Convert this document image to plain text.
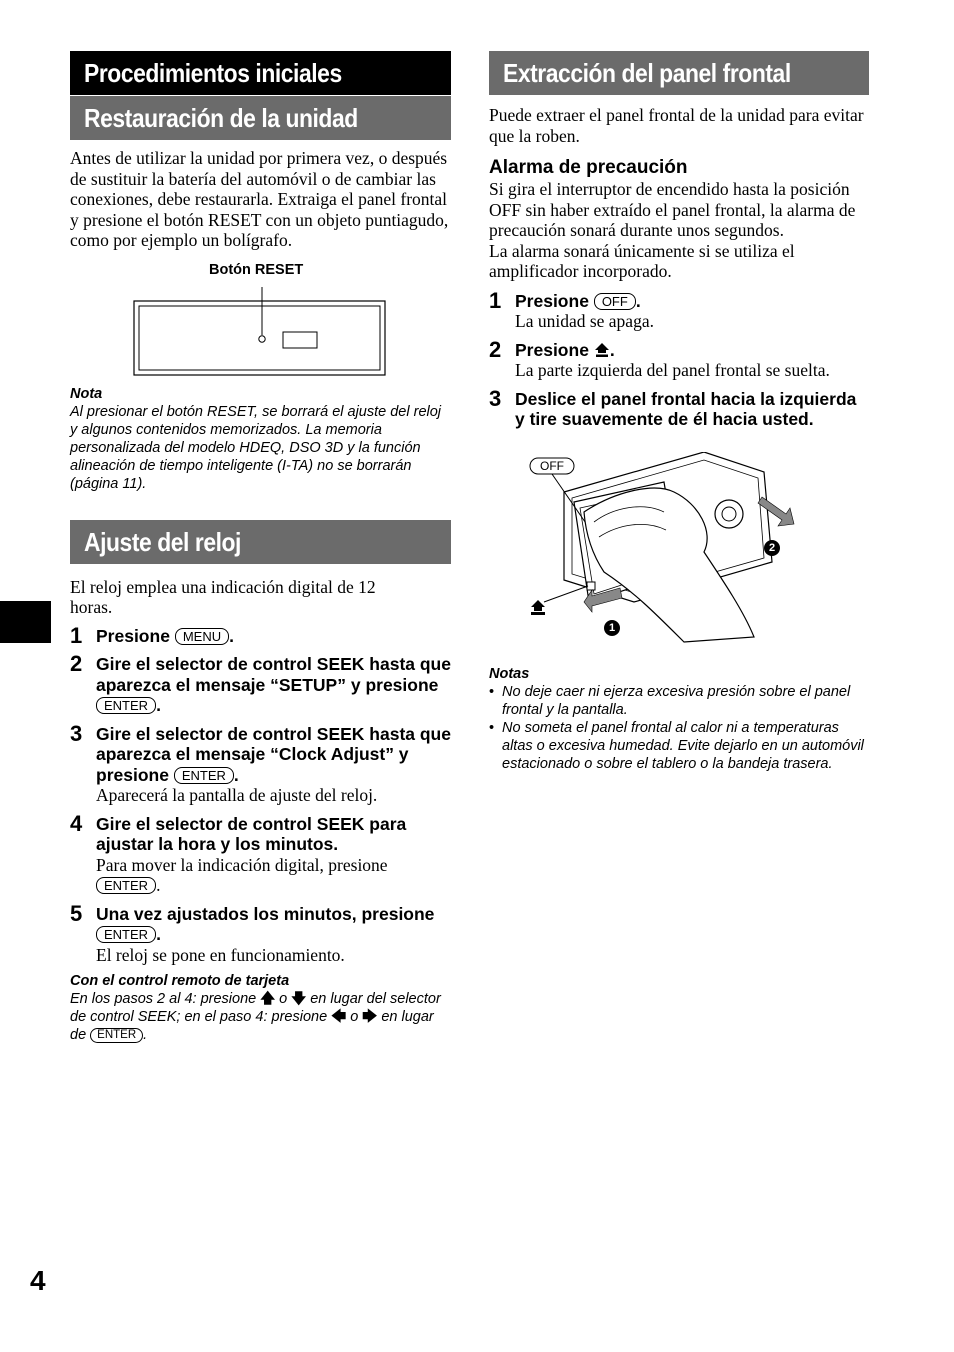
Procedimientos iniciales
Restauración de la unidad

Antes de utilizar la unidad por primera vez, o después de sustituir la batería del automóvil o de cambiar las conexiones, debe restaurarla. Extraiga el panel frontal y presione el botón RESET con un objeto puntiagudo, como por ejemplo un bolígrafo.

Botón RESET
Nota
Al presionar el botón RESET, se borrará el ajuste del reloj y algunos contenidos memorizados. La memoria personalizada del modelo HDEQ, DSO 3D y la función alineación de tiempo inteligente (I-TA) no se borrarán (página 11).
Ajuste del reloj

El reloj emplea una indicación digital de 12 horas.

1 Presione MENU .
2 Gire el selector de control SEEK hasta que aparezca el mensaje “SETUP” y presione ENTER .
3 Gire el selector de control SEEK hasta que aparezca el mensaje “Clock Adjust” y presione ENTER .
Aparecerá la pantalla de ajuste del reloj.
4 Gire el selector de control SEEK para ajustar la hora y los minutos.
Para mover la indicación digital, presione
ENTER .
5 Una vez ajustados los minutos, presione ENTER .
El reloj se pone en funcionamiento.
Con el control remoto de tarjeta
En los pasos 2 al 4: presione 🡅 o 🡇 en lugar del selector de control SEEK; en el paso 4: presione 🡄 o 🡆 en lugar de ENTER .
Extracción del panel frontal

Puede extraer el panel frontal de la unidad para evitar que la roben.

Alarma de precaución

Si gira el interruptor de encendido hasta la posición OFF sin haber extraído el panel frontal, la alarma de precaución sonará durante unos segundos.

La alarma sonará únicamente si se utiliza el amplificador incorporado.

1 Presione OFF .
La unidad se apaga.
2 Presione .
La parte izquierda del panel frontal se suelta.
3 Deslice el panel frontal hacia la izquierda y tire suavemente de él hacia usted.
OFF
1
2
Notas
• No deje caer ni ejerza excesiva presión sobre el panel frontal y la pantalla.
• No someta el panel frontal al calor ni a temperaturas altas o excesiva humedad. Evite dejarlo en un automóvil estacionado o sobre el tablero o la bandeja trasera.
4
